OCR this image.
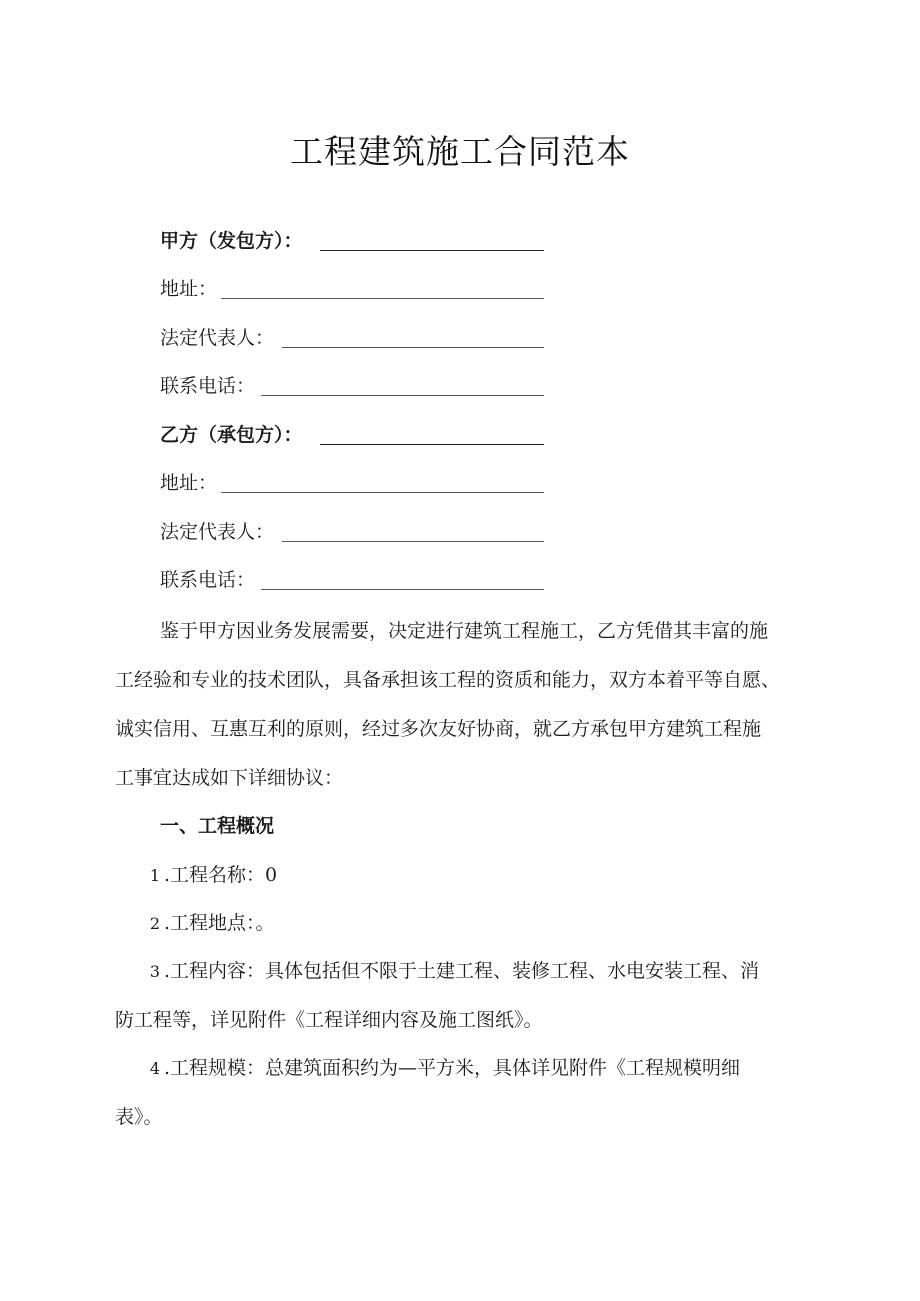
工程建筑施工合同范本
甲方（发包方）：
地址：
法定代表人：
联系电话：
乙方（承包方）：
地址：
法定代表人：
联系电话：
鉴于甲方因业务发展需要，决定进行建筑工程施工，乙方凭借其丰富的施
工经验和专业的技术团队，具备承担该工程的资质和能力，双方本着平等自愿、
诚实信用、互惠互利的原则，经过多次友好协商，就乙方承包甲方建筑工程施
工事宜达成如下详细协议：
一、工程概况
1 .工程名称：0
2 .工程地点：。
3 .工程内容：具体包括但不限于土建工程、装修工程、水电安装工程、消
防工程等，详见附件《工程详细内容及施工图纸》。
4 .工程规模：总建筑面积约为—平方米，具体详见附件《工程规模明细
表》。
